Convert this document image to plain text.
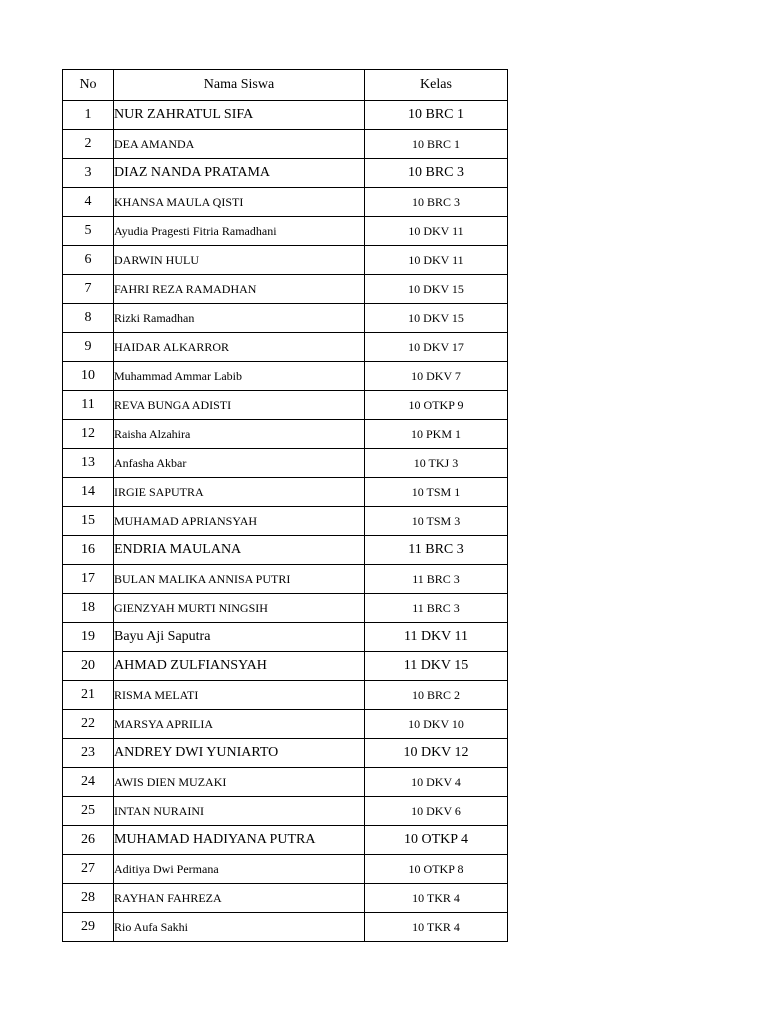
No	Nama Siswa	Kelas
1	NUR ZAHRATUL SIFA	10 BRC 1
2	DEA AMANDA	10 BRC 1
3	DIAZ NANDA PRATAMA	10 BRC 3
4	KHANSA MAULA QISTI	10 BRC 3
5	Ayudia Pragesti Fitria Ramadhani	10 DKV 11
6	DARWIN HULU	10 DKV 11
7	FAHRI REZA RAMADHAN	10 DKV 15
8	Rizki Ramadhan	10 DKV 15
9	HAIDAR ALKARROR	10 DKV 17
10	Muhammad Ammar Labib	10 DKV 7
11	REVA BUNGA ADISTI	10 OTKP 9
12	Raisha Alzahira	10 PKM 1
13	Anfasha Akbar	10 TKJ 3
14	IRGIE SAPUTRA	10 TSM 1
15	MUHAMAD APRIANSYAH	10 TSM 3
16	ENDRIA MAULANA	11 BRC 3
17	BULAN MALIKA ANNISA PUTRI	11 BRC 3
18	GIENZYAH MURTI NINGSIH	11 BRC 3
19	Bayu Aji Saputra	11 DKV 11
20	AHMAD ZULFIANSYAH	11 DKV 15
21	RISMA MELATI	10 BRC 2
22	MARSYA APRILIA	10 DKV 10
23	ANDREY DWI YUNIARTO	10 DKV 12
24	AWIS DIEN MUZAKI	10 DKV 4
25	INTAN NURAINI	10 DKV 6
26	MUHAMAD HADIYANA PUTRA	10 OTKP 4
27	Aditiya Dwi Permana	10 OTKP 8
28	RAYHAN FAHREZA	10 TKR 4
29	Rio Aufa Sakhi	10 TKR 4
